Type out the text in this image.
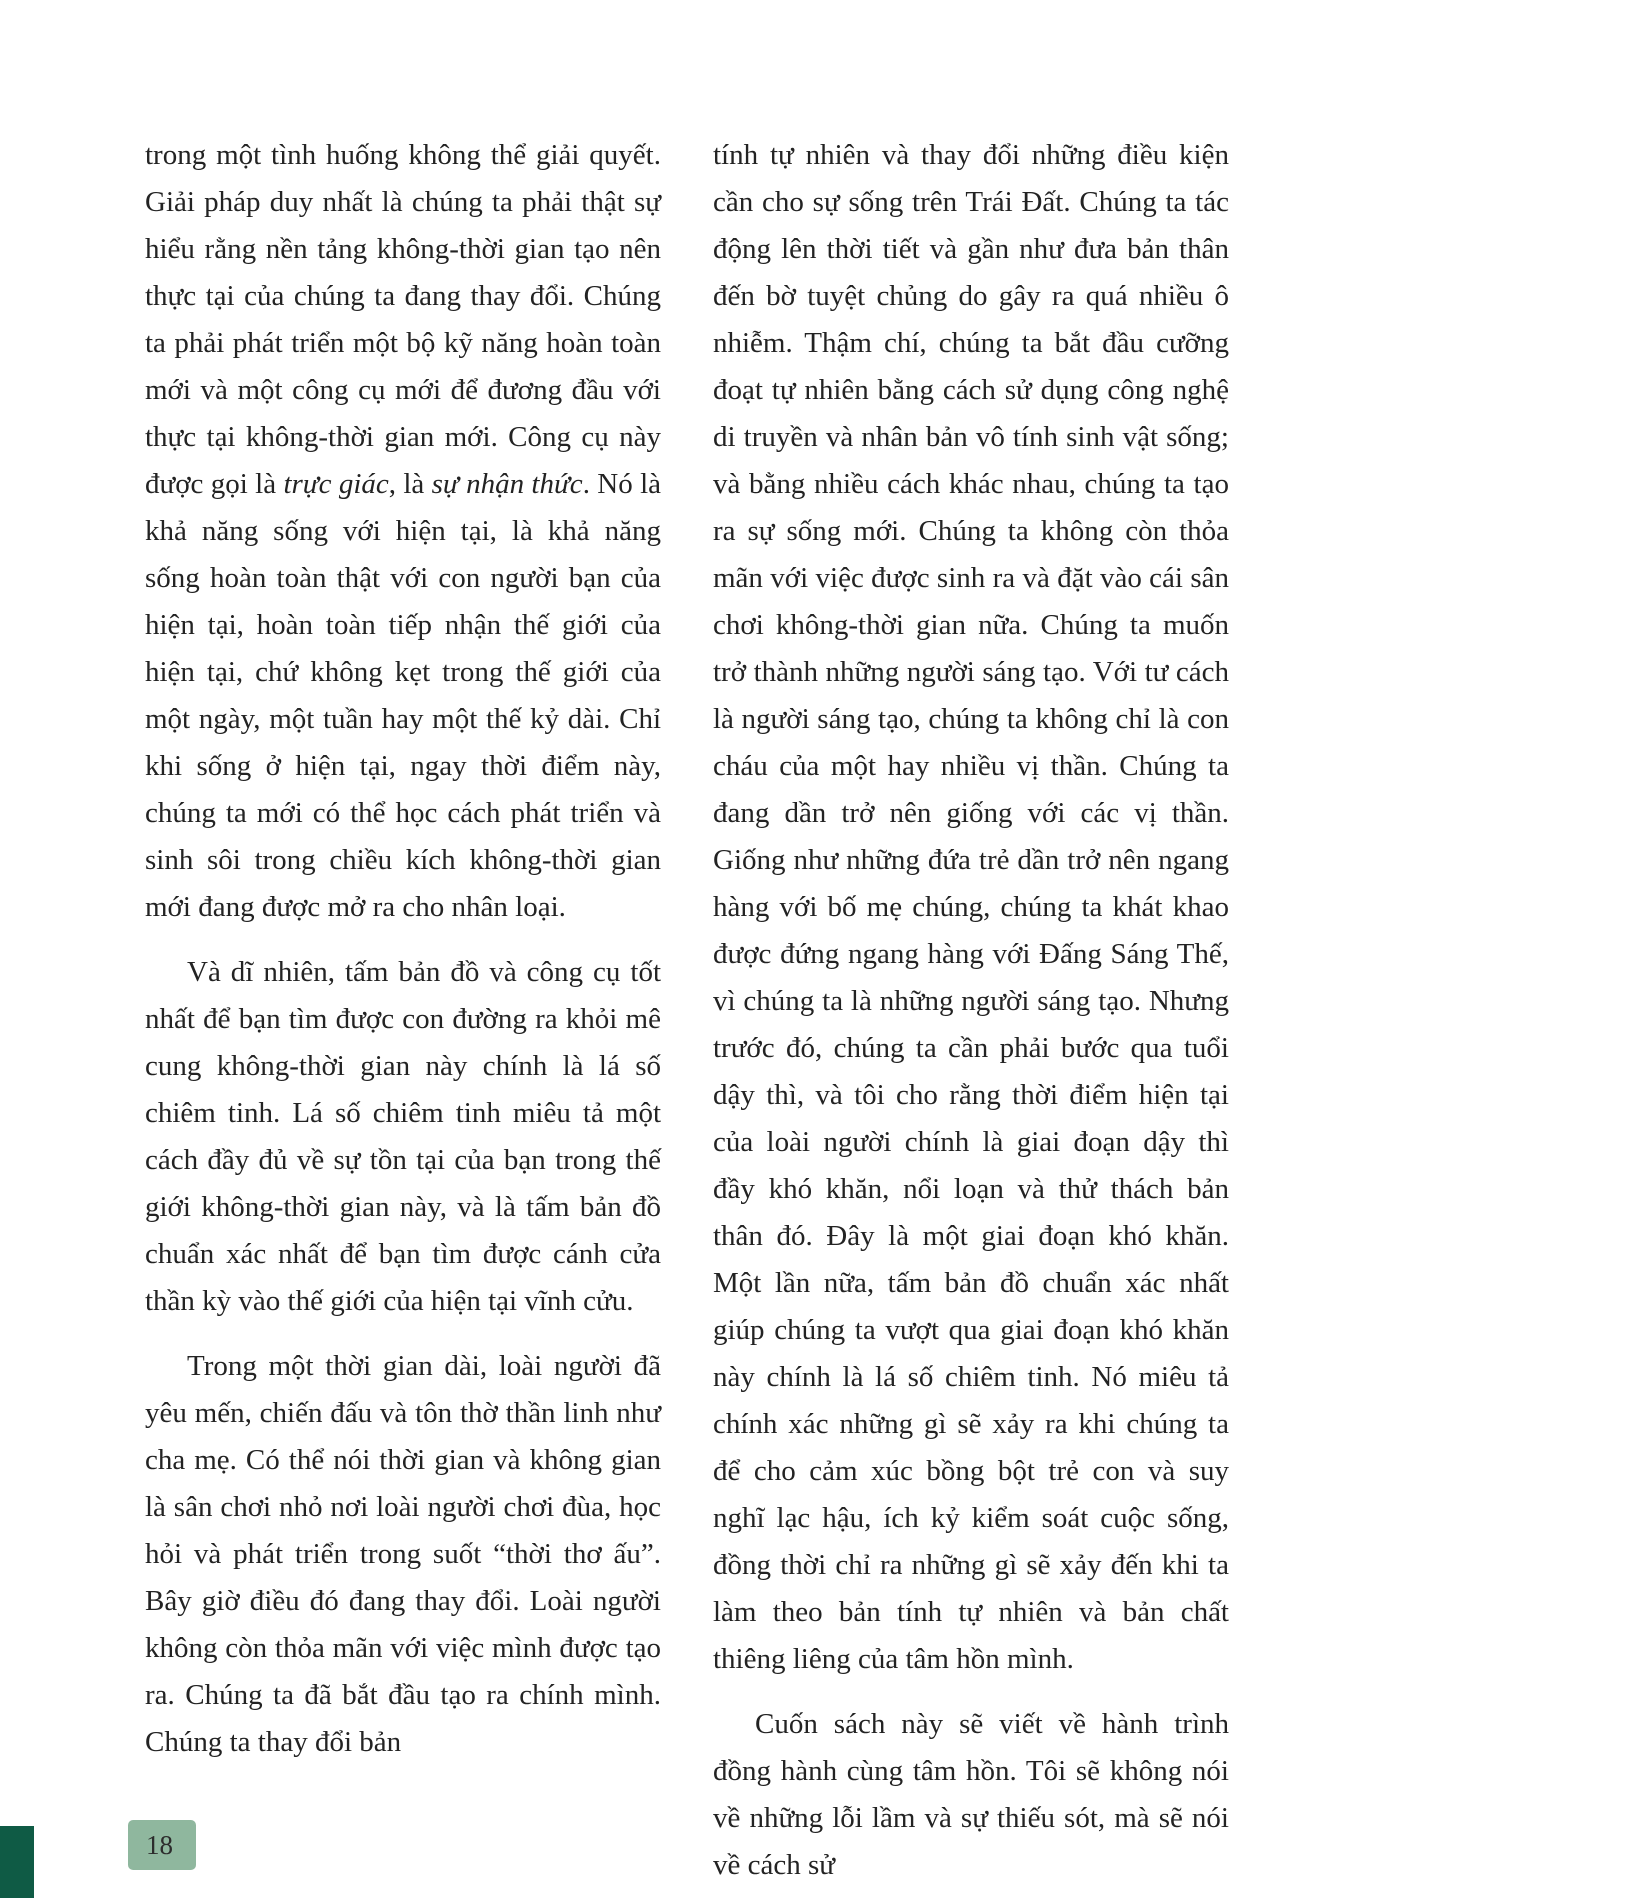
trong một tình huống không thể giải quyết. Giải pháp duy nhất là chúng ta phải thật sự hiểu rằng nền tảng không-thời gian tạo nên thực tại của chúng ta đang thay đổi. Chúng ta phải phát triển một bộ kỹ năng hoàn toàn mới và một công cụ mới để đương đầu với thực tại không-thời gian mới. Công cụ này được gọi là trực giác, là sự nhận thức. Nó là khả năng sống với hiện tại, là khả năng sống hoàn toàn thật với con người bạn của hiện tại, hoàn toàn tiếp nhận thế giới của hiện tại, chứ không kẹt trong thế giới của một ngày, một tuần hay một thế kỷ dài. Chỉ khi sống ở hiện tại, ngay thời điểm này, chúng ta mới có thể học cách phát triển và sinh sôi trong chiều kích không-thời gian mới đang được mở ra cho nhân loại.

Và dĩ nhiên, tấm bản đồ và công cụ tốt nhất để bạn tìm được con đường ra khỏi mê cung không-thời gian này chính là lá số chiêm tinh. Lá số chiêm tinh miêu tả một cách đầy đủ về sự tồn tại của bạn trong thế giới không-thời gian này, và là tấm bản đồ chuẩn xác nhất để bạn tìm được cánh cửa thần kỳ vào thế giới của hiện tại vĩnh cửu.

Trong một thời gian dài, loài người đã yêu mến, chiến đấu và tôn thờ thần linh như cha mẹ. Có thể nói thời gian và không gian là sân chơi nhỏ nơi loài người chơi đùa, học hỏi và phát triển trong suốt “thời thơ ấu”. Bây giờ điều đó đang thay đổi. Loài người không còn thỏa mãn với việc mình được tạo ra. Chúng ta đã bắt đầu tạo ra chính mình. Chúng ta thay đổi bản

tính tự nhiên và thay đổi những điều kiện cần cho sự sống trên Trái Đất. Chúng ta tác động lên thời tiết và gần như đưa bản thân đến bờ tuyệt chủng do gây ra quá nhiều ô nhiễm. Thậm chí, chúng ta bắt đầu cưỡng đoạt tự nhiên bằng cách sử dụng công nghệ di truyền và nhân bản vô tính sinh vật sống; và bằng nhiều cách khác nhau, chúng ta tạo ra sự sống mới. Chúng ta không còn thỏa mãn với việc được sinh ra và đặt vào cái sân chơi không-thời gian nữa. Chúng ta muốn trở thành những người sáng tạo. Với tư cách là người sáng tạo, chúng ta không chỉ là con cháu của một hay nhiều vị thần. Chúng ta đang dần trở nên giống với các vị thần. Giống như những đứa trẻ dần trở nên ngang hàng với bố mẹ chúng, chúng ta khát khao được đứng ngang hàng với Đấng Sáng Thế, vì chúng ta là những người sáng tạo. Nhưng trước đó, chúng ta cần phải bước qua tuổi dậy thì, và tôi cho rằng thời điểm hiện tại của loài người chính là giai đoạn dậy thì đầy khó khăn, nổi loạn và thử thách bản thân đó. Đây là một giai đoạn khó khăn. Một lần nữa, tấm bản đồ chuẩn xác nhất giúp chúng ta vượt qua giai đoạn khó khăn này chính là lá số chiêm tinh. Nó miêu tả chính xác những gì sẽ xảy ra khi chúng ta để cho cảm xúc bồng bột trẻ con và suy nghĩ lạc hậu, ích kỷ kiểm soát cuộc sống, đồng thời chỉ ra những gì sẽ xảy đến khi ta làm theo bản tính tự nhiên và bản chất thiêng liêng của tâm hồn mình.

Cuốn sách này sẽ viết về hành trình đồng hành cùng tâm hồn. Tôi sẽ không nói về những lỗi lầm và sự thiếu sót, mà sẽ nói về cách sử

18
